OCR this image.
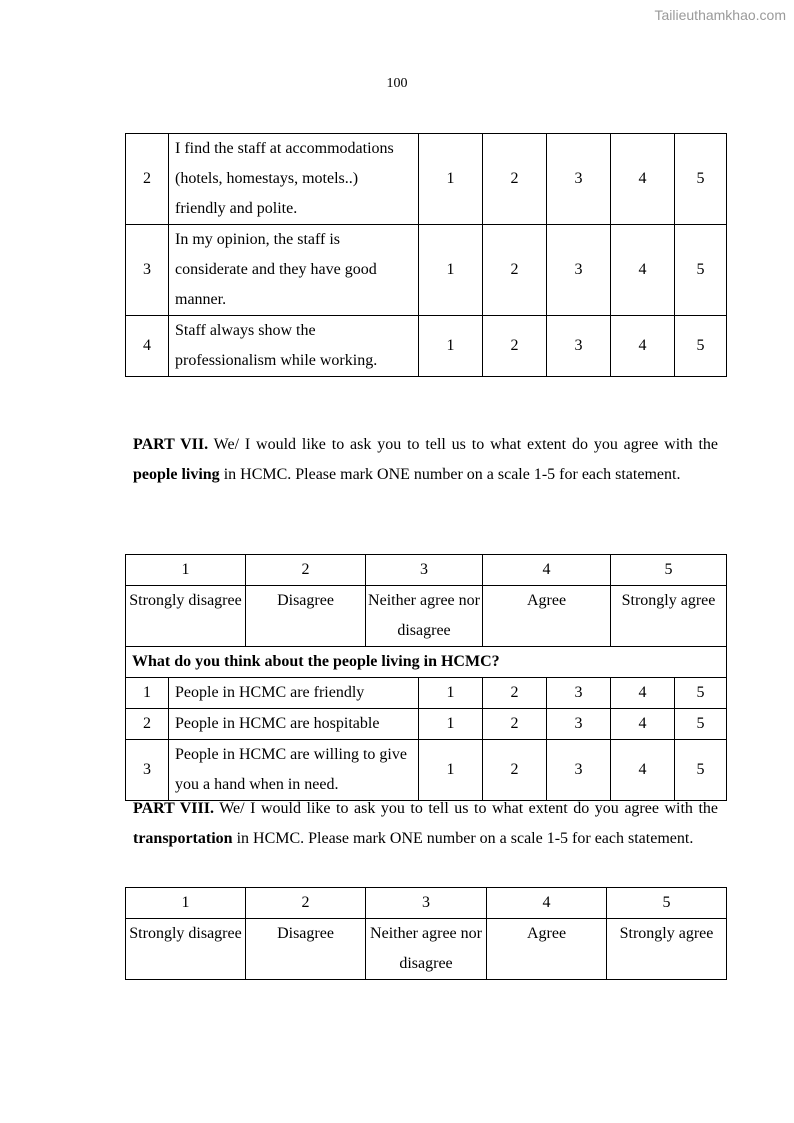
Tailieuthamkhao.com
100
2	I find the staff at accommodations (hotels, homestays, motels..) friendly and polite.	1	2	3	4	5
3	In my opinion, the staff is considerate and they have good manner.	1	2	3	4	5
4	Staff always show the professionalism while working.	1	2	3	4	5
PART VII. We/ I would like to ask you to tell us to what extent do you agree with the people living in HCMC. Please mark ONE number on a scale 1-5 for each statement.
1		2	3		4		5	
Strongly disagree		Disagree	Neither agree nor disagree		Agree		Strongly agree	
What do you think about the people living in HCMC?								
1	People in HCMC are friendly			1	2	3	4	5
2	People in HCMC are hospitable			1	2	3	4	5
3	People in HCMC are willing to give you a hand when in need.			1	2	3	4	5
PART VIII. We/ I would like to ask you to tell us to what extent do you agree with the transportation in HCMC. Please mark ONE number on a scale 1-5 for each statement.
1	2	3	4	5
Strongly disagree	Disagree	Neither agree nor disagree	Agree	Strongly agree
